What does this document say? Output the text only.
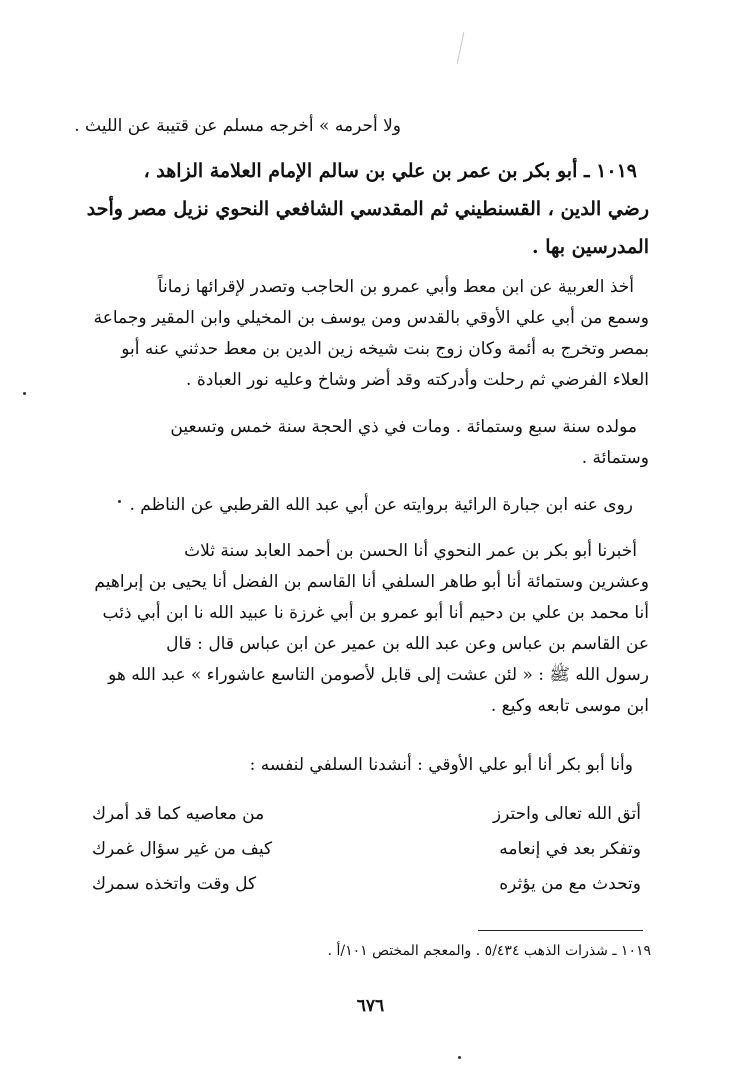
ولا أحرمه » أخرجه مسلم عن قتيبة عن الليث .

١٠١٩ ـ أبو بكر بن عمر بن علي بن سالم الإمام العلامة الزاهد ،

رضي الدين ، القسنطيني ثم المقدسي الشافعي النحوي نزيل مصر وأحد

المدرسين بها .

أخذ العربية عن ابن معط وأبي عمرو بن الحاجب وتصدر لإقرائها زماناً

وسمع من أبي علي الأوقي بالقدس ومن يوسف بن المخيلي وابن المقير وجماعة

بمصر وتخرج به أئمة وكان زوج بنت شيخه زين الدين بن معط حدثني عنه أبو

العلاء الفرضي ثم رحلت وأدركته وقد أضر وشاخ وعليه نور العبادة .

مولده سنة سبع وستمائة . ومات في ذي الحجة سنة خمس وتسعين

وستمائة .

روى عنه ابن جبارة الرائية بروايته عن أبي عبد الله القرطبي عن الناظم .

أخبرنا أبو بكر بن عمر النحوي أنا الحسن بن أحمد العابد سنة ثلاث

وعشرين وستمائة أنا أبو طاهر السلفي أنا القاسم بن الفضل أنا يحيى بن إبراهيم

أنا محمد بن علي بن دحيم أنا أبو عمرو بن أبي غرزة نا عبيد الله نا ابن أبي ذئب

عن القاسم بن عباس وعن عبد الله بن عمير عن ابن عباس قال : قال

رسول الله ﷺ : « لئن عشت إلى قابل لأصومن التاسع عاشوراء » عبد الله هو

ابن موسى تابعه وكيع .

وأنا أبو بكر أنا أبو علي الأوقي : أنشدنا السلفي لنفسه :

أتق الله تعالى واحترز
من معاصيه كما قد أمرك
وتفكر بعد في إنعامه
كيف من غير سؤال غمرك
وتحدث مع من يؤثره
كل وقت واتخذه سمرك
١٠١٩ ـ شذرات الذهب ٥/٤٣٤ . والمعجم المختص ١٠١/أ .
٦٧٦
